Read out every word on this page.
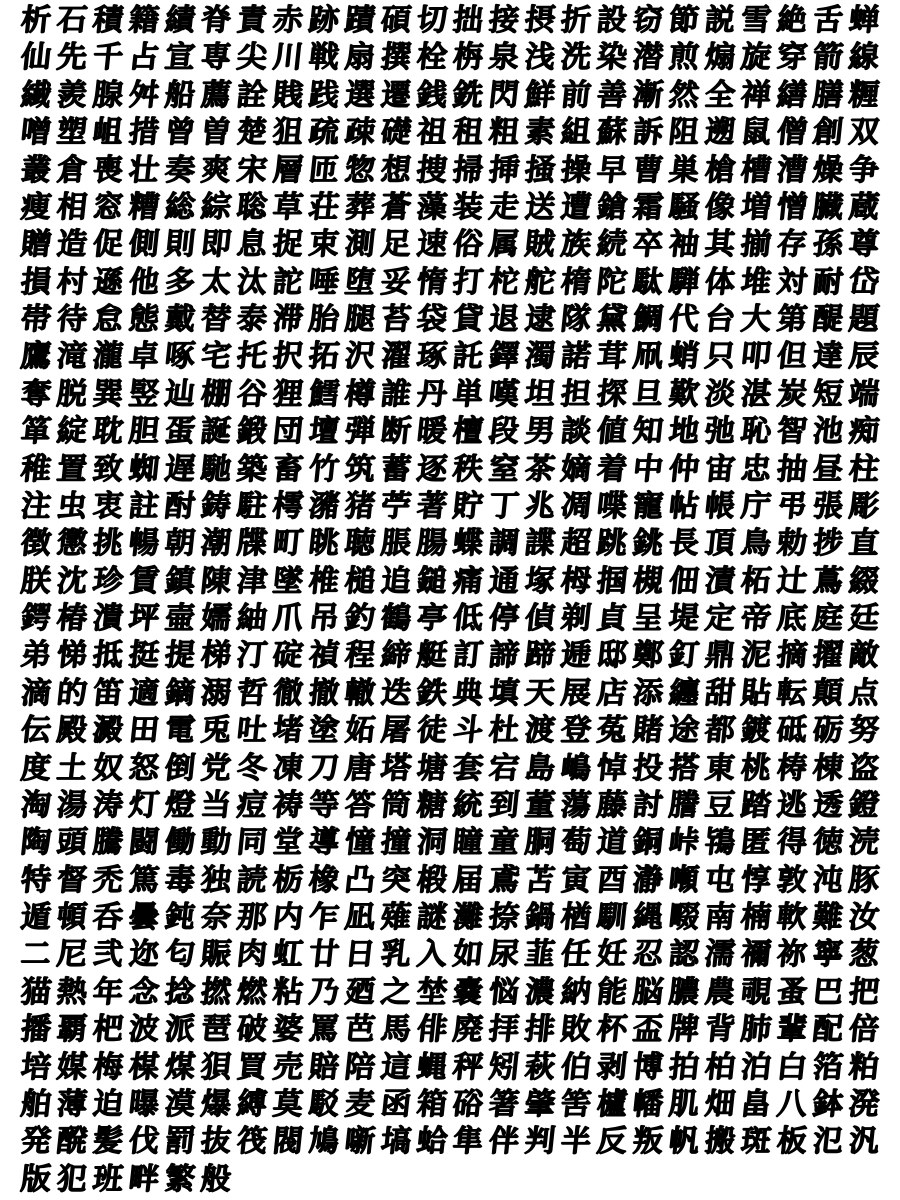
析 石 積 籍 績 脊 責 赤 跡 蹟 碩 切 拙 接 摂 折 設 窃 節 説 雪 絶 舌 蝉
仙 先 千 占 宣 専 尖 川 戦 扇 撰 栓 栴 泉 浅 洗 染 潜 煎 煽 旋 穿 箭 線
繊 羨 腺 舛 船 薦 詮 賎 践 選 遷 銭 銑 閃 鮮 前 善 漸 然 全 禅 繕 膳 糎
噌 塑 岨 措 曾 曽 楚 狙 疏 疎 礎 祖 租 粗 素 組 蘇 訴 阻 遡 鼠 僧 創 双
叢 倉 喪 壮 奏 爽 宋 層 匝 惣 想 捜 掃 挿 掻 操 早 曹 巣 槍 槽 漕 燥 争
痩 相 窓 糟 総 綜 聡 草 荘 葬 蒼 藻 装 走 送 遭 鎗 霜 騒 像 増 憎 臓 蔵
贈 造 促 側 則 即 息 捉 束 測 足 速 俗 属 賊 族 続 卒 袖 其 揃 存 孫 尊
損 村 遜 他 多 太 汰 詑 唾 堕 妥 惰 打 柁 舵 楕 陀 駄 騨 体 堆 対 耐 岱
帯 待 怠 態 戴 替 泰 滞 胎 腿 苔 袋 貸 退 逮 隊 黛 鯛 代 台 大 第 醍 題
鷹 滝 瀧 卓 啄 宅 托 択 拓 沢 濯 琢 託 鐸 濁 諾 茸 凧 蛸 只 叩 但 達 辰
奪 脱 巽 竪 辿 棚 谷 狸 鱈 樽 誰 丹 単 嘆 坦 担 探 旦 歎 淡 湛 炭 短 端
箪 綻 耽 胆 蛋 誕 鍛 団 壇 弾 断 暖 檀 段 男 談 値 知 地 弛 恥 智 池 痴
稚 置 致 蜘 遅 馳 築 畜 竹 筑 蓄 逐 秩 窒 茶 嫡 着 中 仲 宙 忠 抽 昼 柱
注 虫 衷 註 酎 鋳 駐 樗 瀦 猪 苧 著 貯 丁 兆 凋 喋 寵 帖 帳 庁 弔 張 彫
徴 懲 挑 暢 朝 潮 牒 町 眺 聴 脹 腸 蝶 調 諜 超 跳 銚 長 頂 鳥 勅 捗 直
朕 沈 珍 賃 鎮 陳 津 墜 椎 槌 追 鎚 痛 通 塚 栂 掴 槻 佃 漬 柘 辻 蔦 綴
鍔 椿 潰 坪 壷 嬬 紬 爪 吊 釣 鶴 亭 低 停 偵 剃 貞 呈 堤 定 帝 底 庭 廷
弟 悌 抵 挺 提 梯 汀 碇 禎 程 締 艇 訂 諦 蹄 逓 邸 鄭 釘 鼎 泥 摘 擢 敵
滴 的 笛 適 鏑 溺 哲 徹 撤 轍 迭 鉄 典 填 天 展 店 添 纏 甜 貼 転 顛 点
伝 殿 澱 田 電 兎 吐 堵 塗 妬 屠 徒 斗 杜 渡 登 菟 賭 途 都 鍍 砥 砺 努
度 土 奴 怒 倒 党 冬 凍 刀 唐 塔 塘 套 宕 島 嶋 悼 投 搭 東 桃 梼 棟 盗
淘 湯 涛 灯 燈 当 痘 祷 等 答 筒 糖 統 到 董 蕩 藤 討 謄 豆 踏 逃 透 鐙
陶 頭 騰 闘 働 動 同 堂 導 憧 撞 洞 瞳 童 胴 萄 道 銅 峠 鴇 匿 得 徳 涜
特 督 禿 篤 毒 独 読 栃 橡 凸 突 椴 届 鳶 苫 寅 酉 瀞 噸 屯 惇 敦 沌 豚
遁 頓 呑 曇 鈍 奈 那 内 乍 凪 薙 謎 灘 捺 鍋 楢 馴 縄 畷 南 楠 軟 難 汝
二 尼 弐 迩 匂 賑 肉 虹 廿 日 乳 入 如 尿 韮 任 妊 忍 認 濡 禰 祢 寧 葱
猫 熱 年 念 捻 撚 燃 粘 乃 廼 之 埜 嚢 悩 濃 納 能 脳 膿 農 覗 蚤 巴 把
播 覇 杷 波 派 琶 破 婆 罵 芭 馬 俳 廃 拝 排 敗 杯 盃 牌 背 肺 輩 配 倍
培 媒 梅 楳 煤 狽 買 売 賠 陪 這 蝿 秤 矧 萩 伯 剥 博 拍 柏 泊 白 箔 粕
舶 薄 迫 曝 漠 爆 縛 莫 駁 麦 函 箱 硲 箸 肇 筈 櫨 幡 肌 畑 畠 八 鉢 溌
発 醗 髪 伐 罰 抜 筏 閥 鳩 噺 塙 蛤 隼 伴 判 半 反 叛 帆 搬 斑 板 氾 汎
版 犯 班 畔 繁 般
